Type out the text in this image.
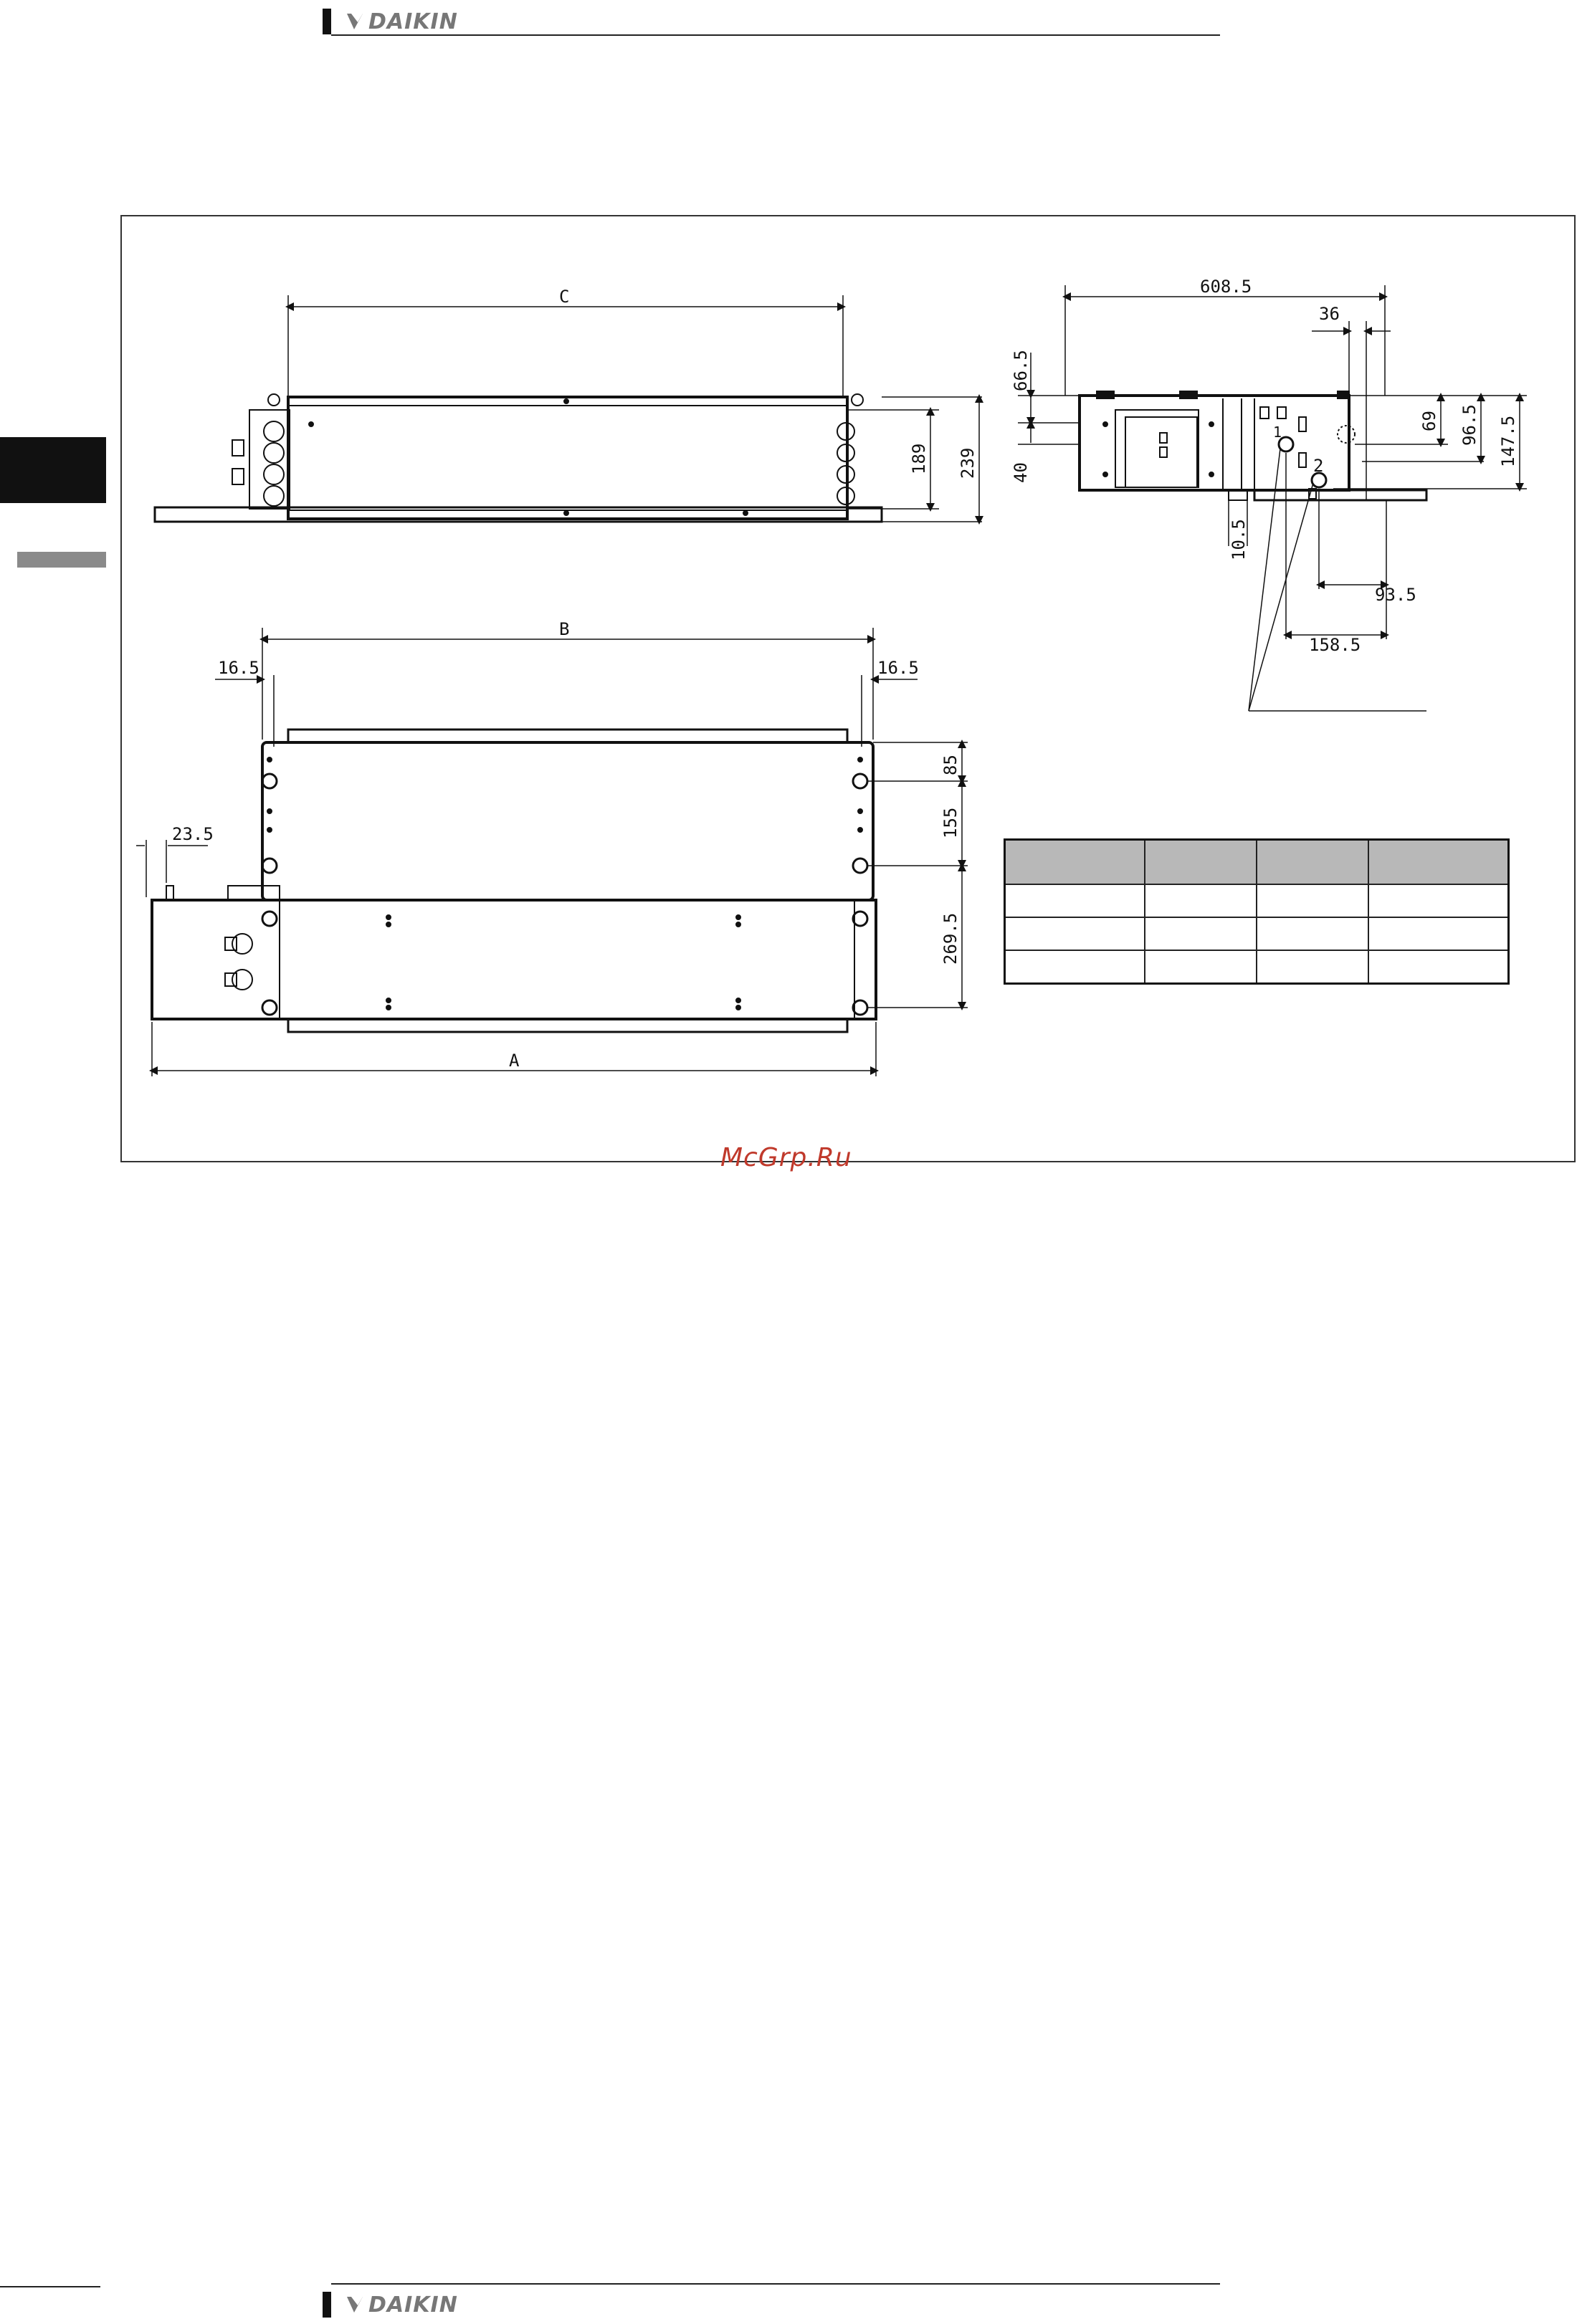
DAIKIN
C
189 239
608.5
36
66.5
40
69 96.5 147.5
10.5
93.5
158.5
1
2
B
16.5	16.5
23.5
85
155
269.5
A

McGrp.Ru
DAIKIN
